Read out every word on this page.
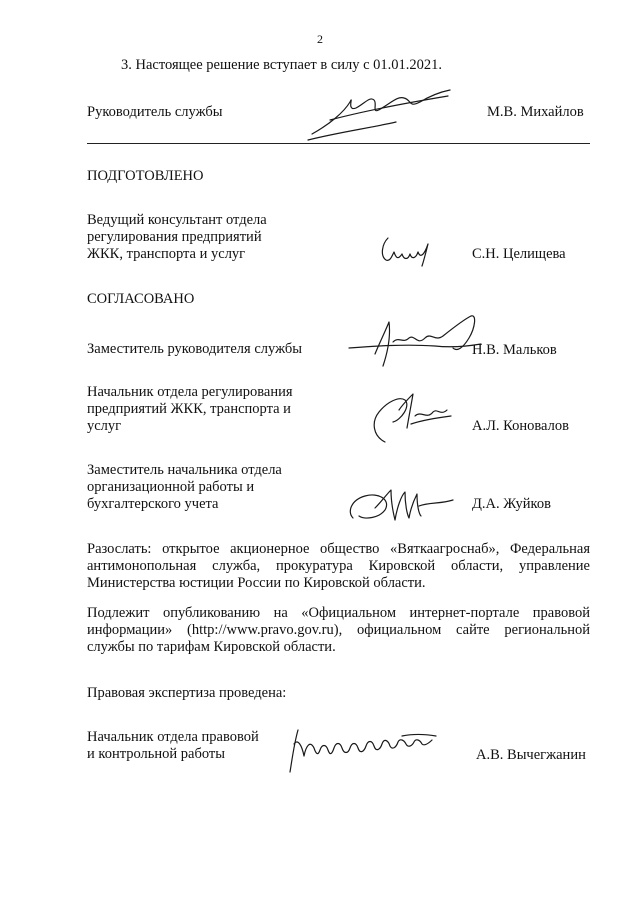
2
3. Настоящее решение вступает в силу с 01.01.2021.
Руководитель службы	М.В. Михайлов
ПОДГОТОВЛЕНО
Ведущий консультант отдела
регулирования предприятий
ЖКК, транспорта и услуг	С.Н. Целищева
СОГЛАСОВАНО
Заместитель руководителя службы	Н.В. Мальков
Начальник отдела регулирования
предприятий ЖКК, транспорта и
услуг	А.Л. Коновалов
Заместитель начальника отдела
организационной работы и
бухгалтерского учета	Д.А. Жуйков
Разослать: открытое акционерное общество «Вяткаагроснаб», Федеральная антимонопольная служба, прокуратура Кировской области, управление Министерства юстиции России по Кировской области.
Подлежит опубликованию на «Официальном интернет-портале правовой информации» (http://www.pravo.gov.ru), официальном сайте региональной службы по тарифам Кировской области.
Правовая экспертиза проведена:
Начальник отдела правовой
и контрольной работы	А.В. Вычегжанин
